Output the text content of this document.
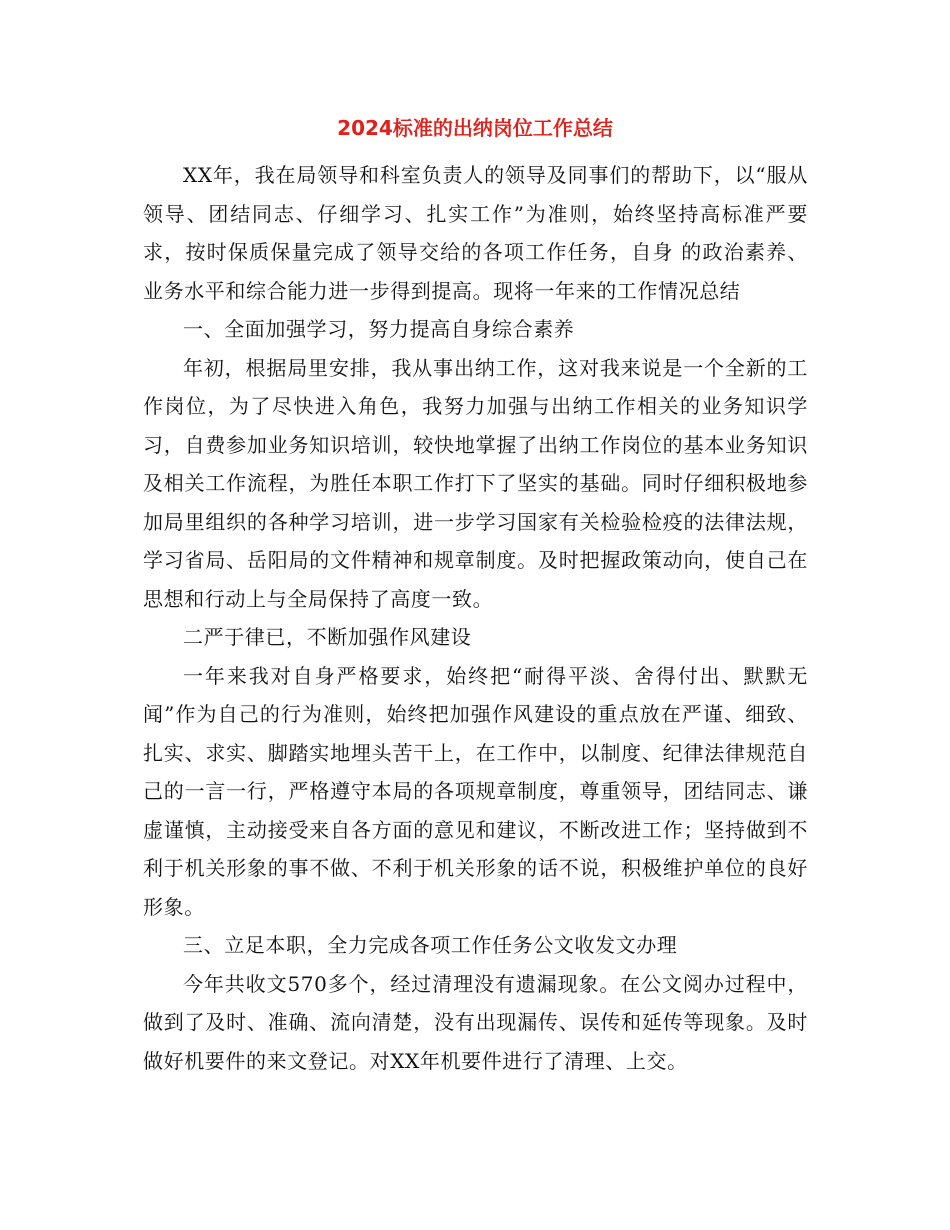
2024标准的出纳岗位工作总结

XX年，我在局领导和科室负责人的领导及同事们的帮助下，以“服从领导、团结同志、仔细学习、扎实工作”为准则，始终坚持高标准严要求，按时保质保量完成了领导交给的各项工作任务，自身 的政治素养、业务水平和综合能力进一步得到提高。现将一年来的工作情况总结

一、全面加强学习，努力提高自身综合素养

年初，根据局里安排，我从事出纳工作，这对我来说是一个全新的工作岗位，为了尽快进入角色，我努力加强与出纳工作相关的业务知识学习，自费参加业务知识培训，较快地掌握了出纳工作岗位的基本业务知识及相关工作流程，为胜任本职工作打下了坚实的基础。同时仔细积极地参加局里组织的各种学习培训，进一步学习国家有关检验检疫的法律法规，学习省局、岳阳局的文件精神和规章制度。及时把握政策动向，使自己在思想和行动上与全局保持了高度一致。

二严于律已，不断加强作风建设

一年来我对自身严格要求，始终把“耐得平淡、舍得付出、默默无闻”作为自己的行为准则，始终把加强作风建设的重点放在严谨、细致、扎实、求实、脚踏实地埋头苦干上，在工作中，以制度、纪律法律规范自己的一言一行，严格遵守本局的各项规章制度，尊重领导，团结同志、谦虚谨慎，主动接受来自各方面的意见和建议，不断改进工作；坚持做到不利于机关形象的事不做、不利于机关形象的话不说，积极维护单位的良好形象。

三、立足本职，全力完成各项工作任务公文收发文办理

今年共收文570多个，经过清理没有遗漏现象。在公文阅办过程中，做到了及时、准确、流向清楚，没有出现漏传、误传和延传等现象。及时做好机要件的来文登记。对XX年机要件进行了清理、上交。
